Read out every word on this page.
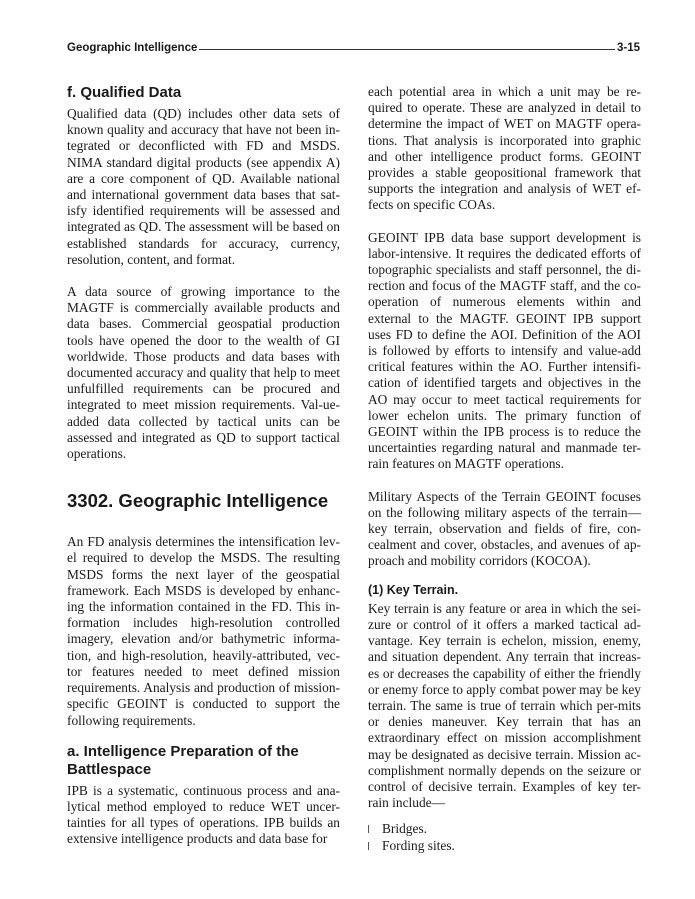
Geographic Intelligence	3-15
f. Qualified Data

Qualified data (QD) includes other data sets of known quality and accuracy that have not been in-tegrated or deconflicted with FD and MSDS. NIMA standard digital products (see appendix A) are a core component of QD. Available national and international government data bases that sat-isfy identified requirements will be assessed and integrated as QD. The assessment will be based on established standards for accuracy, currency, resolution, content, and format.

A data source of growing importance to the MAGTF is commercially available products and data bases. Commercial geospatial production tools have opened the door to the wealth of GI worldwide. Those products and data bases with documented accuracy and quality that help to meet unfulfilled requirements can be procured and integrated to meet mission requirements. Val-ue-added data collected by tactical units can be assessed and integrated as QD to support tactical operations.

3302. Geographic Intelligence

An FD analysis determines the intensification lev-el required to develop the MSDS. The resulting MSDS forms the next layer of the geospatial framework. Each MSDS is developed by enhanc-ing the information contained in the FD. This in-formation includes high-resolution controlled imagery, elevation and/or bathymetric informa-tion, and high-resolution, heavily-attributed, vec-tor features needed to meet defined mission requirements. Analysis and production of mission-specific GEOINT is conducted to support the following requirements.

a. Intelligence Preparation of the Battlespace

IPB is a systematic, continuous process and ana-lytical method employed to reduce WET uncer-tainties for all types of operations. IPB builds an extensive intelligence products and data base for

each potential area in which a unit may be re-quired to operate. These are analyzed in detail to determine the impact of WET on MAGTF opera-tions. That analysis is incorporated into graphic and other intelligence product forms. GEOINT provides a stable geopositional framework that supports the integration and analysis of WET ef-fects on specific COAs.

GEOINT IPB data base support development is labor-intensive. It requires the dedicated efforts of topographic specialists and staff personnel, the di-rection and focus of the MAGTF staff, and the co-operation of numerous elements within and external to the MAGTF. GEOINT IPB support uses FD to define the AOI. Definition of the AOI is followed by efforts to intensify and value-add critical features within the AO. Further intensifi-cation of identified targets and objectives in the AO may occur to meet tactical requirements for lower echelon units. The primary function of GEOINT within the IPB process is to reduce the uncertainties regarding natural and manmade ter-rain features on MAGTF operations.

Military Aspects of the Terrain GEOINT focuses on the following military aspects of the terrain—key terrain, observation and fields of fire, con-cealment and cover, obstacles, and avenues of ap-proach and mobility corridors (KOCOA).

(1) Key Terrain.

Key terrain is any feature or area in which the sei-zure or control of it offers a marked tactical ad-vantage. Key terrain is echelon, mission, enemy, and situation dependent. Any terrain that increas-es or decreases the capability of either the friendly or enemy force to apply combat power may be key terrain. The same is true of terrain which per-mits or denies maneuver. Key terrain that has an extraordinary effect on mission accomplishment may be designated as decisive terrain. Mission ac-complishment normally depends on the seizure or control of decisive terrain. Examples of key ter-rain include—

Bridges.
Fording sites.
